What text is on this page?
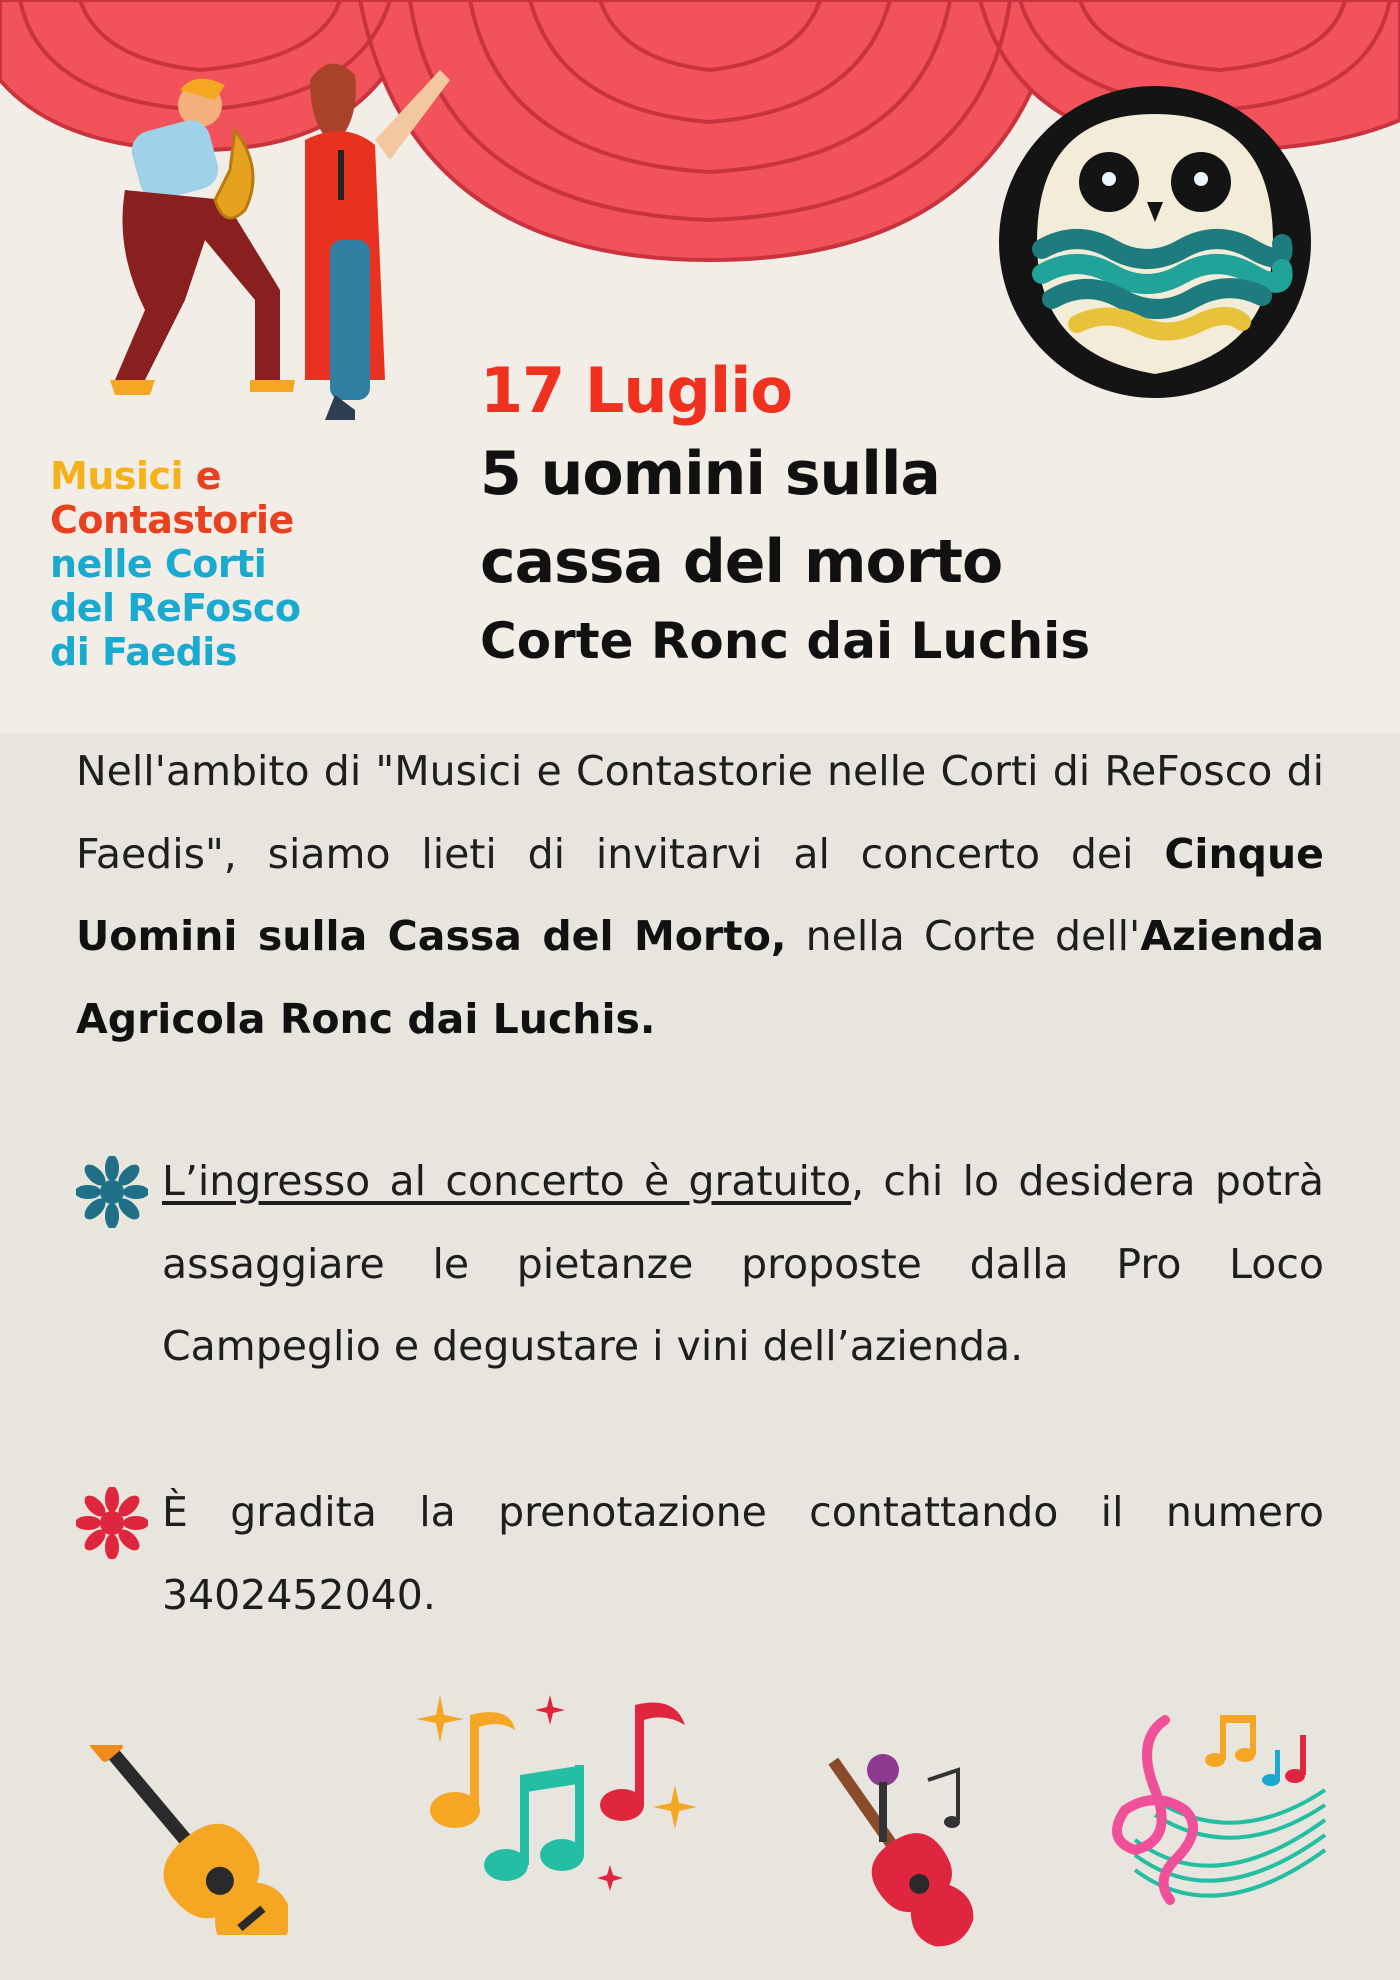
Musici e
Contastorie
nelle Corti
del ReFosco
di Faedis
17 Luglio
5 uomini sulla
cassa del morto
Corte Ronc dai Luchis
Nell'ambito di "Musici e Contastorie nelle Corti di ReFosco di Faedis", siamo lieti di invitarvi al concerto dei Cinque Uomini sulla Cassa del Morto, nella Corte dell'Azienda Agricola Ronc dai Luchis.
L’ingresso al concerto è gratuito, chi lo desidera potrà assaggiare le pietanze proposte dalla Pro Loco Campeglio e degustare i vini dell’azienda.
È gradita la prenotazione contattando il numero 3402452040.
